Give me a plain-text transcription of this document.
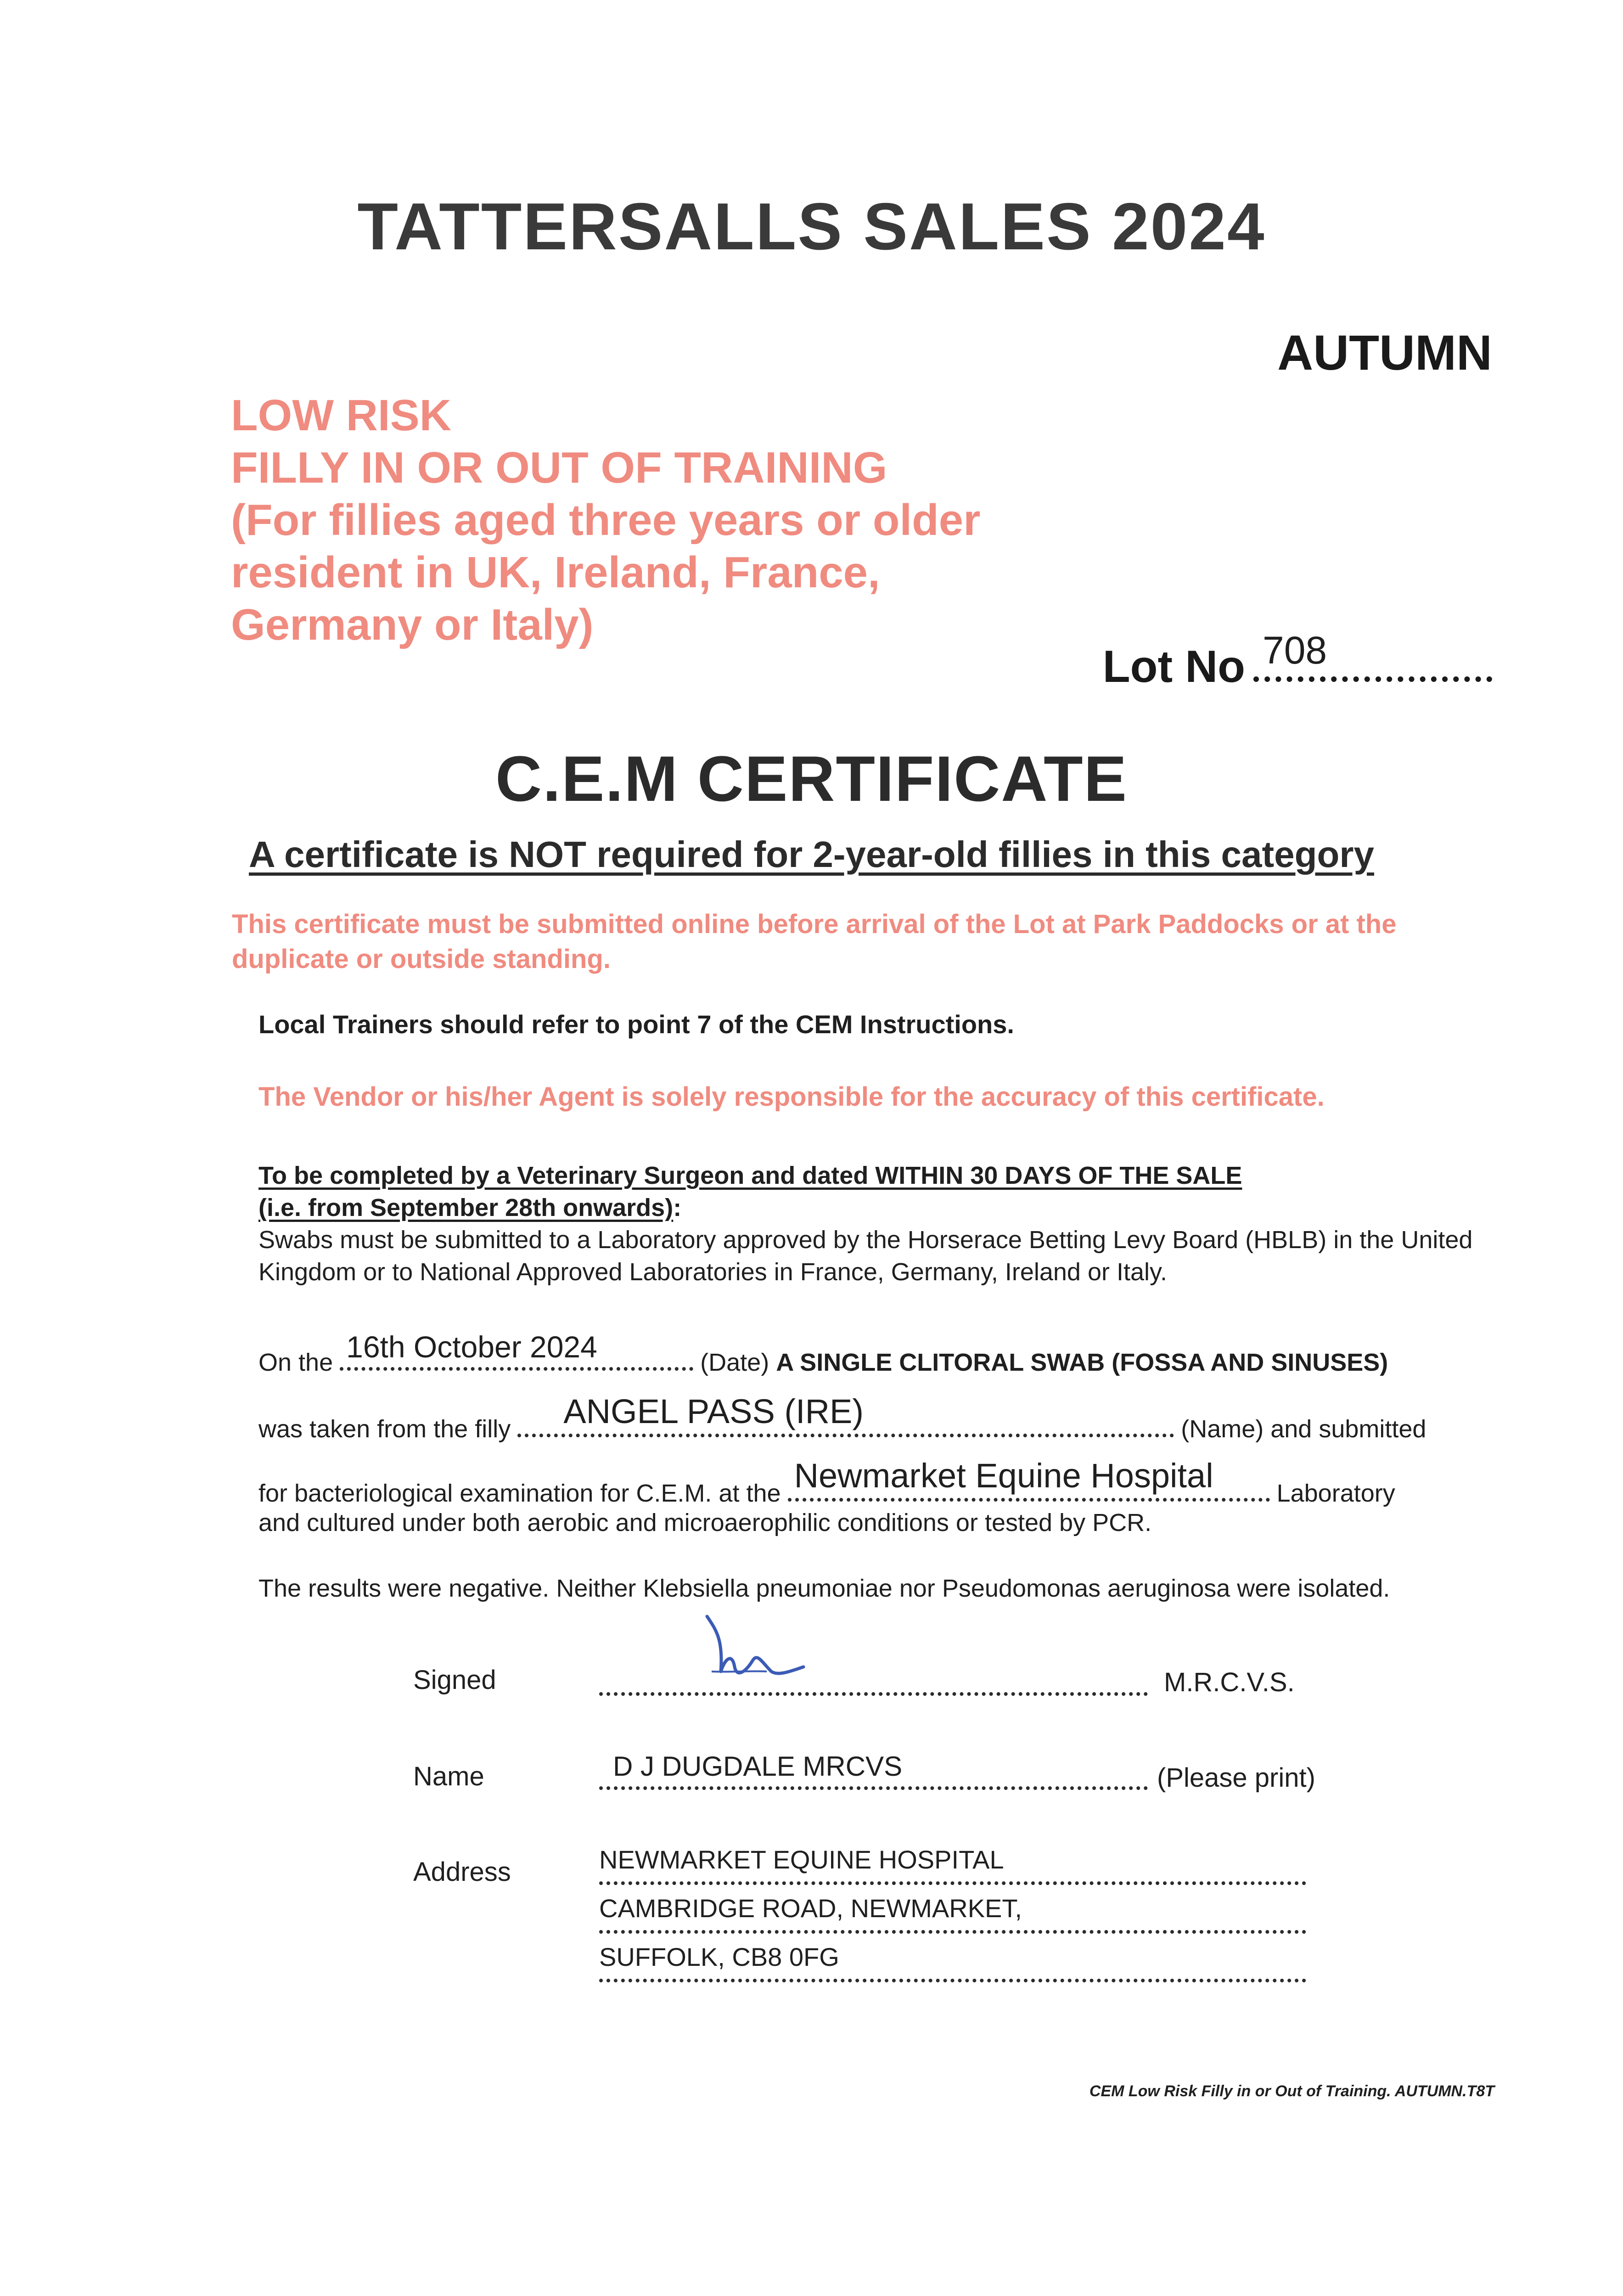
TATTERSALLS SALES 2024
AUTUMN
LOW RISK
FILLY IN OR OUT OF TRAINING
(For fillies aged three years or older
resident in UK, Ireland, France,
Germany or Italy)
Lot No 708
C.E.M CERTIFICATE
A certificate is NOT required for 2-year-old fillies in this category
This certificate must be submitted online before arrival of the Lot at Park Paddocks or at the duplicate or outside standing.
Local Trainers should refer to point 7 of the CEM Instructions.
The Vendor or his/her Agent is solely responsible for the accuracy of this certificate.
To be completed by a Veterinary Surgeon and dated WITHIN 30 DAYS OF THE SALE
(i.e. from September 28th onwards):
Swabs must be submitted to a Laboratory approved by the Horserace Betting Levy Board (HBLB) in the United Kingdom or to National Approved Laboratories in France, Germany, Ireland or Italy.
On the 16th October 2024	(Date) A SINGLE CLITORAL SWAB (FOSSA AND SINUSES)
was taken from the filly ANGEL PASS (IRE)	(Name) and submitted
for bacteriological examination for C.E.M. at the Newmarket Equine Hospital	Laboratory
and cultured under both aerobic and microaerophilic conditions or tested by PCR.
The results were negative. Neither Klebsiella pneumoniae nor Pseudomonas aeruginosa were isolated.
Signed	M.R.C.V.S.
Name	D J DUGDALE MRCVS	(Please print)
Address	NEWMARKET EQUINE HOSPITAL
CAMBRIDGE ROAD, NEWMARKET,
SUFFOLK, CB8 0FG
CEM Low Risk Filly in or Out of Training. AUTUMN.T8T
